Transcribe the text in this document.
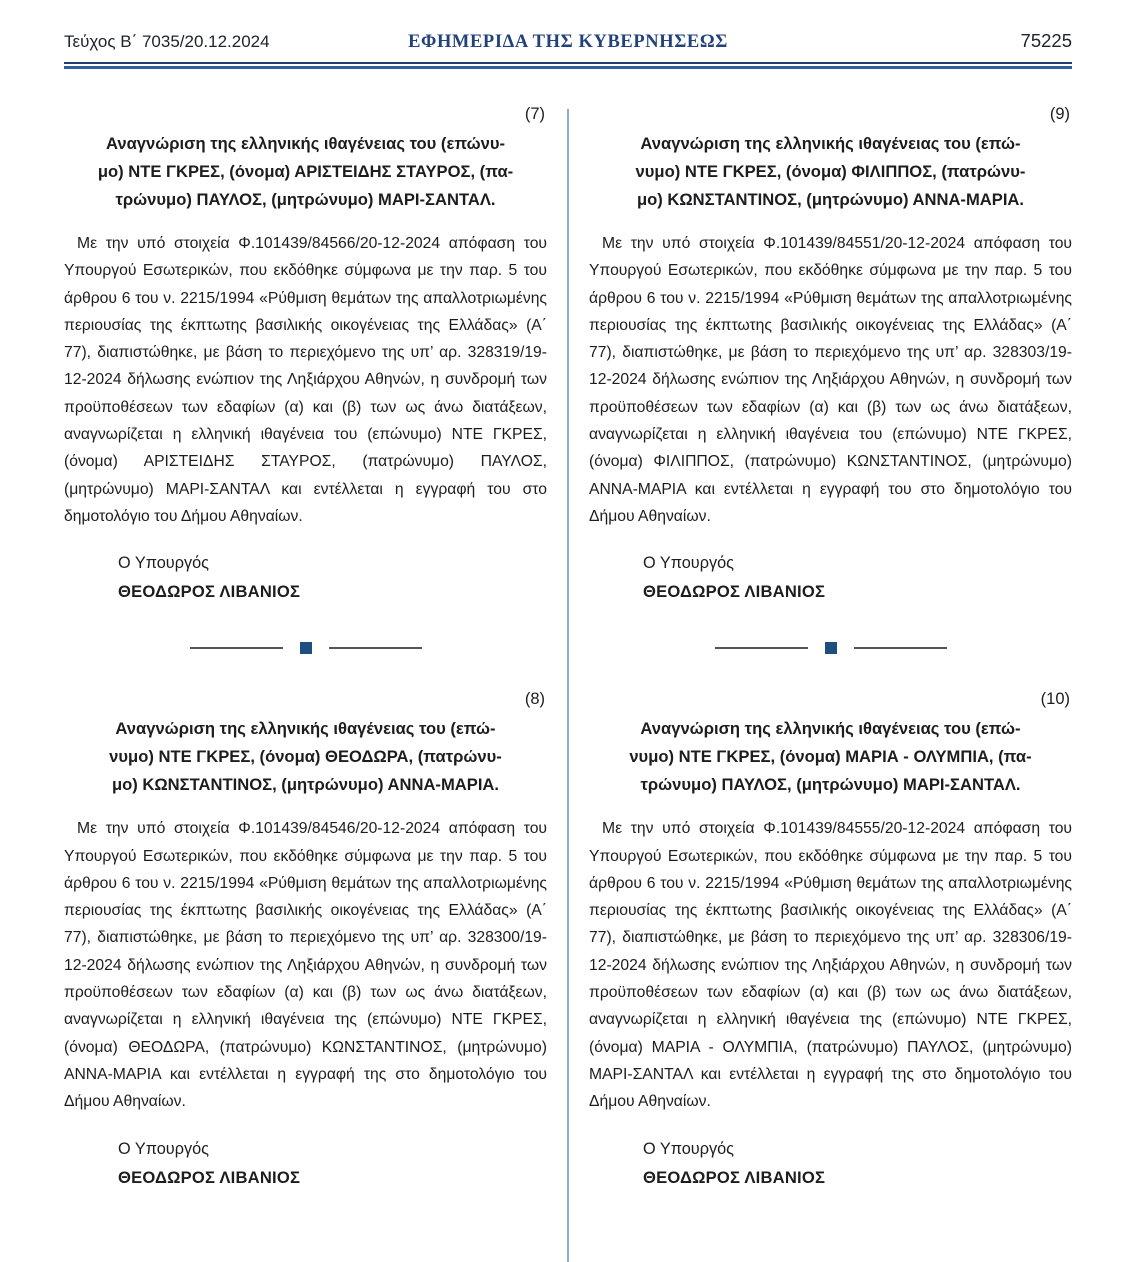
Τεύχος Β΄ 7035/20.12.2024	ΕΦΗΜΕΡΙΔΑ ΤΗΣ ΚΥΒΕΡΝΗΣΕΩΣ	75225
(7)
Αναγνώριση της ελληνικής ιθαγένειας του (επώνυ-
μο) ΝΤΕ ΓΚΡΕΣ, (όνομα) ΑΡΙΣΤΕΙΔΗΣ ΣΤΑΥΡΟΣ, (πα-
τρώνυμο) ΠΑΥΛΟΣ, (μητρώνυμο) ΜΑΡΙ-ΣΑΝΤΑΛ.

Με την υπό στοιχεία Φ.101439/84566/20-12-2024 απόφαση του Υπουργού Εσωτερικών, που εκδόθηκε σύμφωνα με την παρ. 5 του άρθρου 6 του ν. 2215/1994 «Ρύθμιση θεμάτων της απαλλοτριωμένης περιουσίας της έκπτωτης βασιλικής οικογένειας της Ελλάδας» (Α΄ 77), διαπιστώθηκε, με βάση το περιεχόμενο της υπ’ αρ. 328319/19-12-2024 δήλωσης ενώπιον της Ληξιάρχου Αθηνών, η συνδρομή των προϋποθέσεων των εδαφίων (α) και (β) των ως άνω διατάξεων, αναγνωρίζεται η ελληνική ιθαγένεια του (επώνυμο) ΝΤΕ ΓΚΡΕΣ, (όνομα) ΑΡΙΣΤΕΙΔΗΣ ΣΤΑΥΡΟΣ, (πατρώνυμο) ΠΑΥΛΟΣ, (μητρώνυμο) ΜΑΡΙ-ΣΑΝΤΑΛ και εντέλλεται η εγγραφή του στο δημοτολόγιο του Δήμου Αθηναίων.

Ο Υπουργός
ΘΕΟΔΩΡΟΣ ΛΙΒΑΝΙΟΣ
(8)
Αναγνώριση της ελληνικής ιθαγένειας του (επώ-
νυμο) ΝΤΕ ΓΚΡΕΣ, (όνομα) ΘΕΟΔΩΡΑ, (πατρώνυ-
μο) ΚΩΝΣΤΑΝΤΙΝΟΣ, (μητρώνυμο) ΑΝΝΑ-ΜΑΡΙΑ.

Με την υπό στοιχεία Φ.101439/84546/20-12-2024 απόφαση του Υπουργού Εσωτερικών, που εκδόθηκε σύμφωνα με την παρ. 5 του άρθρου 6 του ν. 2215/1994 «Ρύθμιση θεμάτων της απαλλοτριωμένης περιουσίας της έκπτωτης βασιλικής οικογένειας της Ελλάδας» (Α΄ 77), διαπιστώθηκε, με βάση το περιεχόμενο της υπ’ αρ. 328300/19-12-2024 δήλωσης ενώπιον της Ληξιάρχου Αθηνών, η συνδρομή των προϋποθέσεων των εδαφίων (α) και (β) των ως άνω διατάξεων, αναγνωρίζεται η ελληνική ιθαγένεια της (επώνυμο) ΝΤΕ ΓΚΡΕΣ, (όνομα) ΘΕΟΔΩΡΑ, (πατρώνυμο) ΚΩΝΣΤΑΝΤΙΝΟΣ, (μητρώνυμο) ΑΝΝΑ-ΜΑΡΙΑ και εντέλλεται η εγγραφή της στο δημοτολόγιο του Δήμου Αθηναίων.

Ο Υπουργός
ΘΕΟΔΩΡΟΣ ΛΙΒΑΝΙΟΣ
(9)
Αναγνώριση της ελληνικής ιθαγένειας του (επώ-
νυμο) ΝΤΕ ΓΚΡΕΣ, (όνομα) ΦΙΛΙΠΠΟΣ, (πατρώνυ-
μο) ΚΩΝΣΤΑΝΤΙΝΟΣ, (μητρώνυμο) ΑΝΝΑ-ΜΑΡΙΑ.

Με την υπό στοιχεία Φ.101439/84551/20-12-2024 απόφαση του Υπουργού Εσωτερικών, που εκδόθηκε σύμφωνα με την παρ. 5 του άρθρου 6 του ν. 2215/1994 «Ρύθμιση θεμάτων της απαλλοτριωμένης περιουσίας της έκπτωτης βασιλικής οικογένειας της Ελλάδας» (Α΄ 77), διαπιστώθηκε, με βάση το περιεχόμενο της υπ’ αρ. 328303/19-12-2024 δήλωσης ενώπιον της Ληξιάρχου Αθηνών, η συνδρομή των προϋποθέσεων των εδαφίων (α) και (β) των ως άνω διατάξεων, αναγνωρίζεται η ελληνική ιθαγένεια του (επώνυμο) ΝΤΕ ΓΚΡΕΣ, (όνομα) ΦΙΛΙΠΠΟΣ, (πατρώνυμο) ΚΩΝΣΤΑΝΤΙΝΟΣ, (μητρώνυμο) ΑΝΝΑ-ΜΑΡΙΑ και εντέλλεται η εγγραφή του στο δημοτολόγιο του Δήμου Αθηναίων.

Ο Υπουργός
ΘΕΟΔΩΡΟΣ ΛΙΒΑΝΙΟΣ
(10)
Αναγνώριση της ελληνικής ιθαγένειας του (επώ-
νυμο) ΝΤΕ ΓΚΡΕΣ, (όνομα) ΜΑΡΙΑ - ΟΛΥΜΠΙΑ, (πα-
τρώνυμο) ΠΑΥΛΟΣ, (μητρώνυμο) ΜΑΡΙ-ΣΑΝΤΑΛ.

Με την υπό στοιχεία Φ.101439/84555/20-12-2024 απόφαση του Υπουργού Εσωτερικών, που εκδόθηκε σύμφωνα με την παρ. 5 του άρθρου 6 του ν. 2215/1994 «Ρύθμιση θεμάτων της απαλλοτριωμένης περιουσίας της έκπτωτης βασιλικής οικογένειας της Ελλάδας» (Α΄ 77), διαπιστώθηκε, με βάση το περιεχόμενο της υπ’ αρ. 328306/19-12-2024 δήλωσης ενώπιον της Ληξιάρχου Αθηνών, η συνδρομή των προϋποθέσεων των εδαφίων (α) και (β) των ως άνω διατάξεων, αναγνωρίζεται η ελληνική ιθαγένεια της (επώνυμο) ΝΤΕ ΓΚΡΕΣ, (όνομα) ΜΑΡΙΑ - ΟΛΥΜΠΙΑ, (πατρώνυμο) ΠΑΥΛΟΣ, (μητρώνυμο) ΜΑΡΙ-ΣΑΝΤΑΛ και εντέλλεται η εγγραφή της στο δημοτολόγιο του Δήμου Αθηναίων.

Ο Υπουργός
ΘΕΟΔΩΡΟΣ ΛΙΒΑΝΙΟΣ
